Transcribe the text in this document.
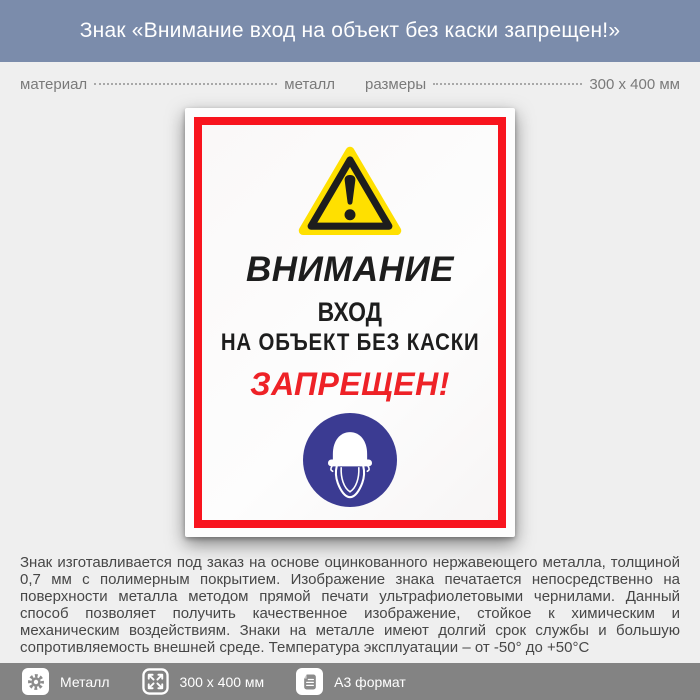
Знак «Внимание вход на объект без каски запрещен!»
материал	металл размеры	300 x 400 мм
ВНИМАНИЕ
ВХОД
НА ОБЪЕКТ БЕЗ КАСКИ
ЗАПРЕЩЕН!

Знак изготавливается под заказ на основе оцинкованного нержавеющего металла, толщиной 0,7 мм с полимерным покрытием. Изображение знака печатается непосредственно на поверхности металла методом прямой печати ультрафиолетовыми чернилами. Данный способ позволяет получить качественное изображение, стойкое к химическим и механическим воздействиям. Знаки на металле имеют долгий срок службы и большую сопротивляемость внешней среде. Температура эксплуатации – от -50° до +50°С

Металл	300 x 400 мм	А3 формат
